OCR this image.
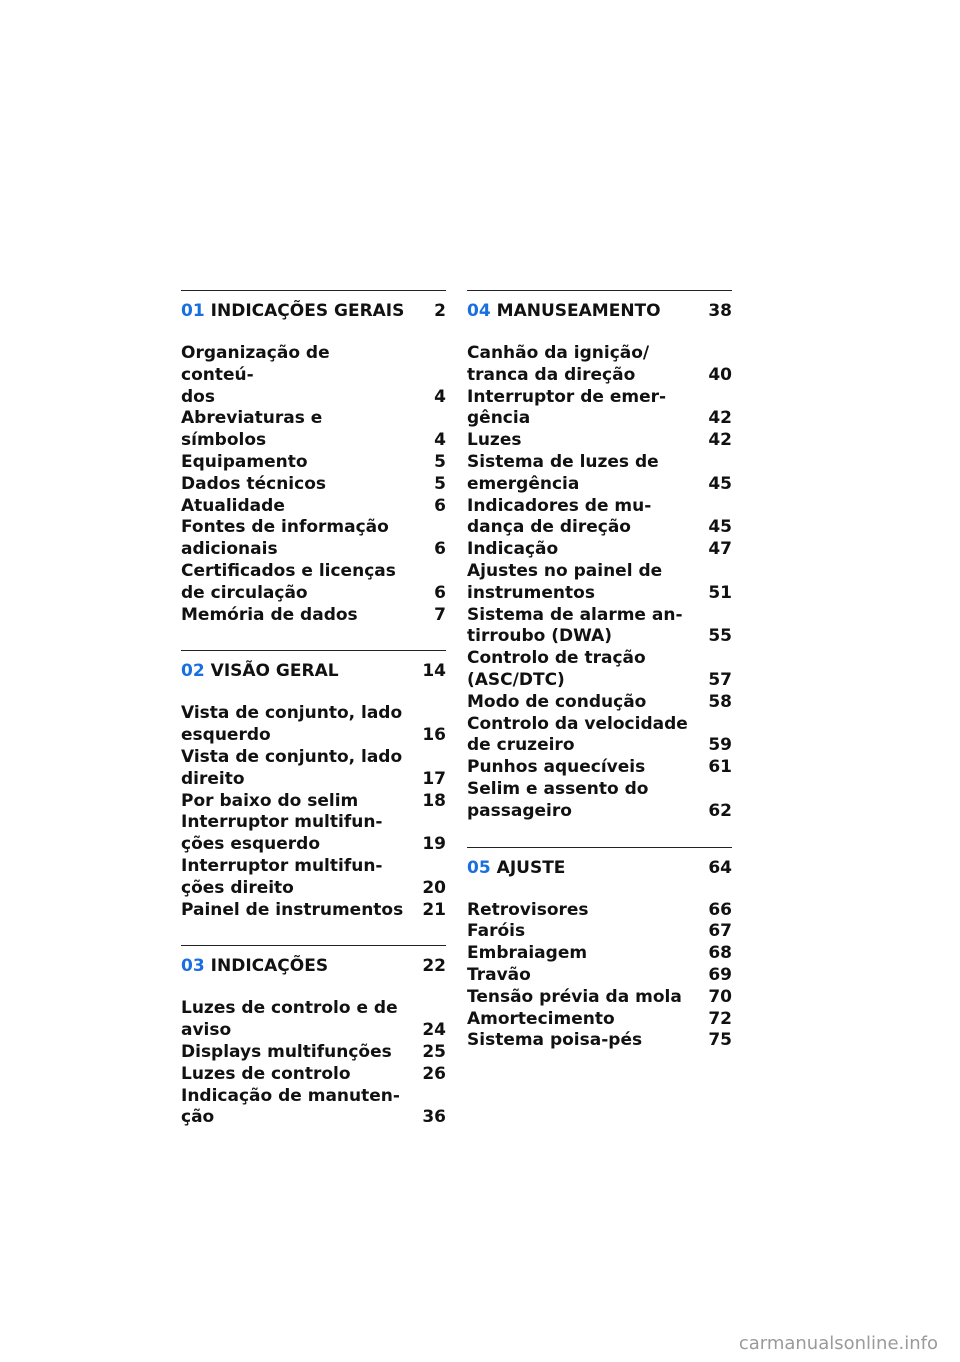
01 INDICAÇÕES GERAIS	2
Organização de conteú-
dos	4
Abreviaturas e símbolos	4
Equipamento	5
Dados técnicos	5
Atualidade	6
Fontes de informação
adicionais	6
Certificados e licenças
de circulação	6
Memória de dados	7
02 VISÃO GERAL	14
Vista de conjunto, lado
esquerdo	16
Vista de conjunto, lado
direito	17
Por baixo do selim	18
Interruptor multifun-
ções esquerdo	19
Interruptor multifun-
ções direito	20
Painel de instrumentos	21
03 INDICAÇÕES	22
Luzes de controlo e de
aviso	24
Displays multifunções	25
Luzes de controlo	26
Indicação de manuten-
ção	36
04 MANUSEAMENTO	38
Canhão da ignição/
tranca da direção	40
Interruptor de emer-
gência	42
Luzes	42
Sistema de luzes de
emergência	45
Indicadores de mu-
dança de direção	45
Indicação	47
Ajustes no painel de
instrumentos	51
Sistema de alarme an-
tirroubo (DWA)	55
Controlo de tração
(ASC/DTC)	57
Modo de condução	58
Controlo da velocidade
de cruzeiro	59
Punhos aquecíveis	61
Selim e assento do
passageiro	62
05 AJUSTE	64
Retrovisores	66
Faróis	67
Embraiagem	68
Travão	69
Tensão prévia da mola	70
Amortecimento	72
Sistema poisa-pés	75
carmanualsonline.info
